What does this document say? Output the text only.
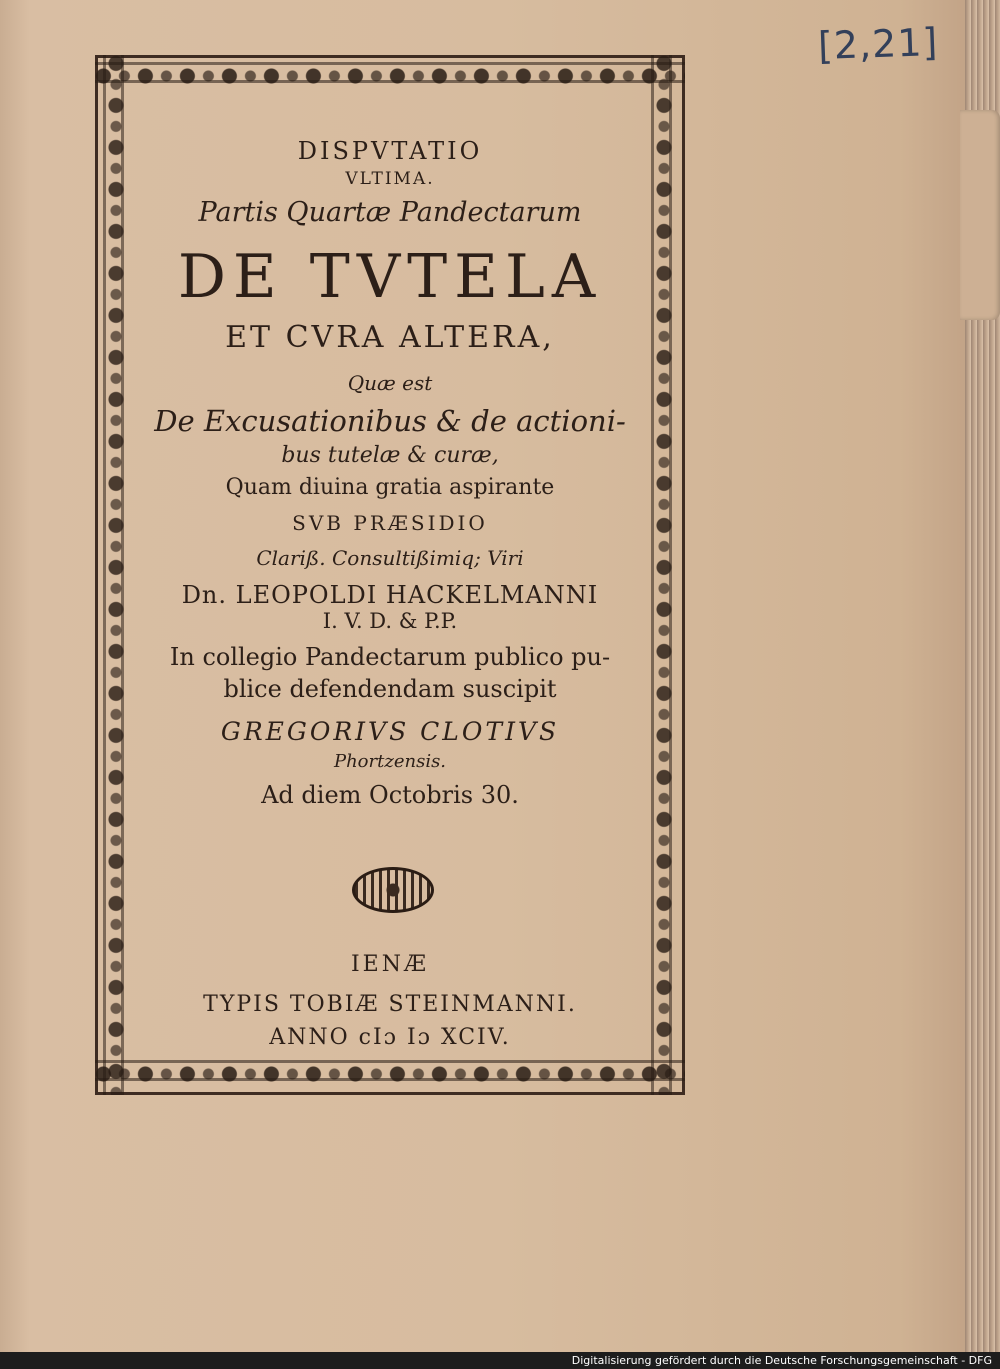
[2,21]
DISPVTATIO
VLTIMA.
Partis Quartæ Pandectarum
DE TVTELA
ET CVRA ALTERA,
Quæ est
De Excusationibus & de actioni-
bus tutelæ & curæ,
Quam diuina gratia aspirante
SVB PRÆSIDIO
Clariß. Consultißimiq; Viri
Dn. LEOPOLDI HACKELMANNI
I. V. D. & P.P.
In collegio Pandectarum publico pu-
blice defendendam suscipit
GREGORIVS CLOTIVS
Phortzensis.
Ad diem Octobris 30.
IENÆ
TYPIS TOBIÆ STEINMANNI.
ANNO cIɔ Iɔ XCIV.
Digitalisierung gefördert durch die Deutsche Forschungsgemeinschaft - DFG
